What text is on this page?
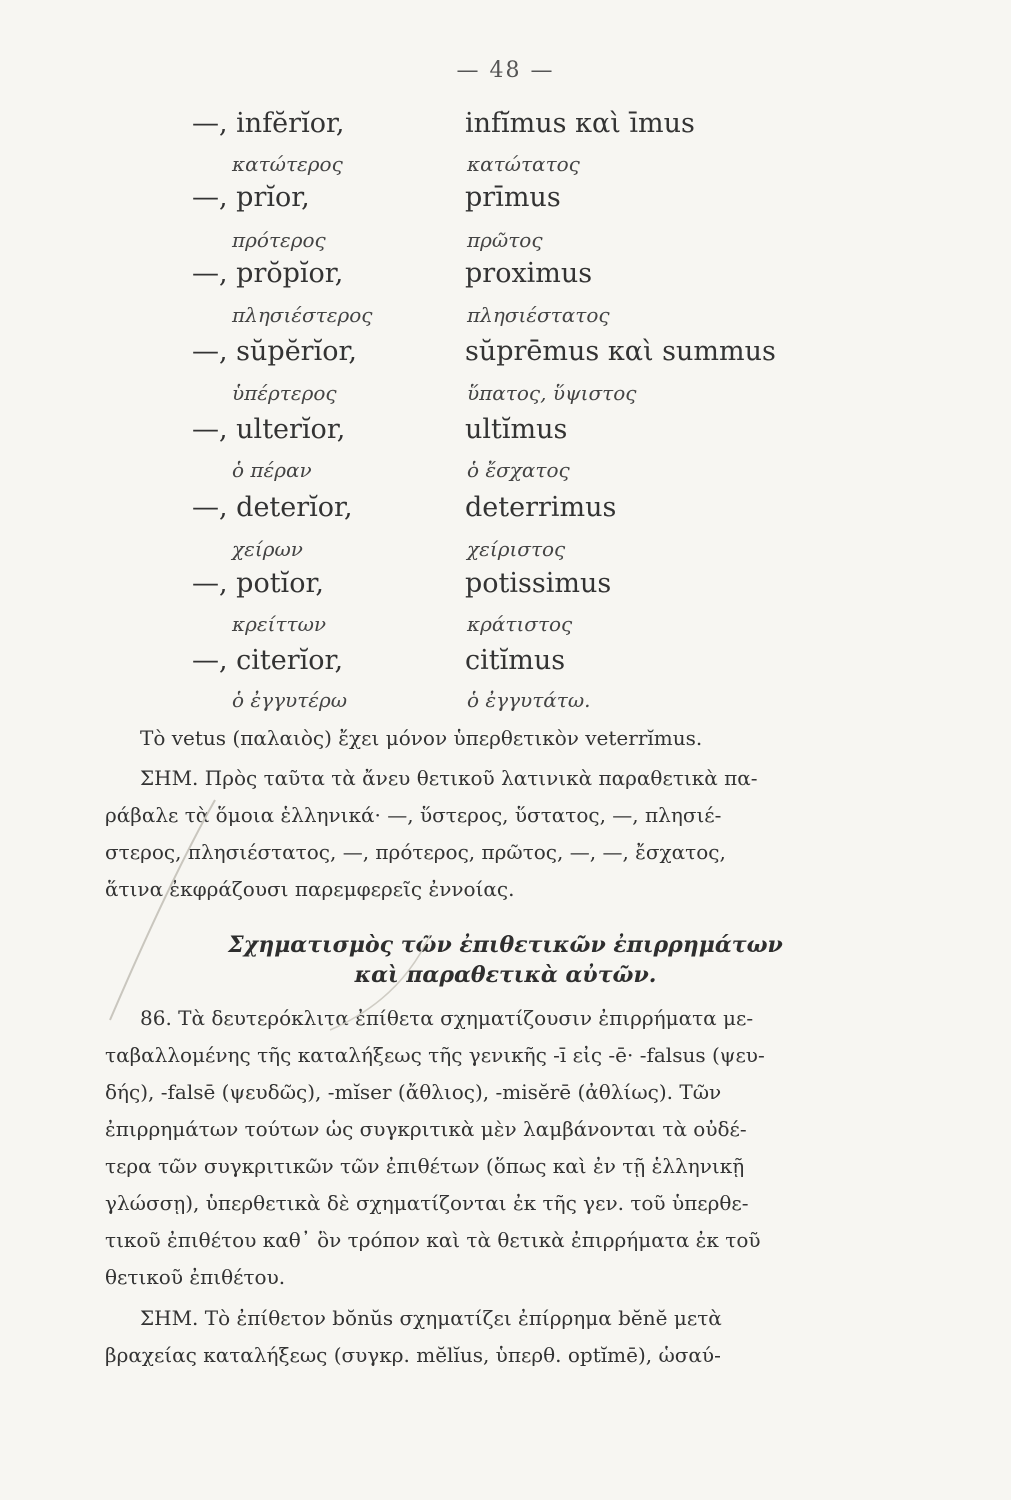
— 48 —
—, infĕrĭor,	infĭmus καὶ īmus
κατώτερος	κατώτατος
—, prĭor,	prīmus
πρότερος	πρῶτος
—, prŏpĭor,	proximus
πλησιέστερος	πλησιέστατος
—, sŭpĕrĭor,	sŭprēmus καὶ summus
ὑπέρτερος	ὕπατος, ὕψιστος
—, ulterĭor,	ultĭmus
ὁ πέραν	ὁ ἔσχατος
—, deterĭor,	deterrimus
χείρων	χείριστος
—, potĭor,	potissimus
κρείττων	κράτιστος
—, citerĭor,	citĭmus
ὁ ἐγγυτέρω	ὁ ἐγγυτάτω.
Τὸ vetus (παλαιὸς) ἔχει μόνον ὑπερθετικὸν veterrĭmus.
ΣΗΜ. Πρὸς ταῦτα τὰ ἄνευ θετικοῦ λατινικὰ παραθετικὰ πα-
ράβαλε τὰ ὅμοια ἑλληνικά· —, ὕστερος, ὕστατος, —, πλησιέ-
στερος, πλησιέστατος, —, πρότερος, πρῶτος, —, —, ἔσχατος,
ἅτινα ἐκφράζουσι παρεμφερεῖς ἐννοίας.
Σχηματισμὸς τῶν ἐπιθετικῶν ἐπιρρημάτων
καὶ παραθετικὰ αὐτῶν.
86. Τὰ δευτερόκλιτα ἐπίθετα σχηματίζουσιν ἐπιρρήματα με-
ταβαλλομένης τῆς καταλήξεως τῆς γενικῆς -ī εἰς -ē· -falsus (ψευ-
δής), -falsē (ψευδῶς), -mĭser (ἄθλιος), -misĕrē (ἀθλίως). Τῶν
ἐπιρρημάτων τούτων ὡς συγκριτικὰ μὲν λαμβάνονται τὰ οὐδέ-
τερα τῶν συγκριτικῶν τῶν ἐπιθέτων (ὅπως καὶ ἐν τῇ ἑλληνικῇ
γλώσσῃ), ὑπερθετικὰ δὲ σχηματίζονται ἐκ τῆς γεν. τοῦ ὑπερθε-
τικοῦ ἐπιθέτου καθ᾽ ὃν τρόπον καὶ τὰ θετικὰ ἐπιρρήματα ἐκ τοῦ
θετικοῦ ἐπιθέτου.
ΣΗΜ. Τὸ ἐπίθετον bŏnŭs σχηματίζει ἐπίρρημα bĕnĕ μετὰ
βραχείας καταλήξεως (συγκρ. mĕlĭus, ὑπερθ. optĭmē), ὡσαύ-
